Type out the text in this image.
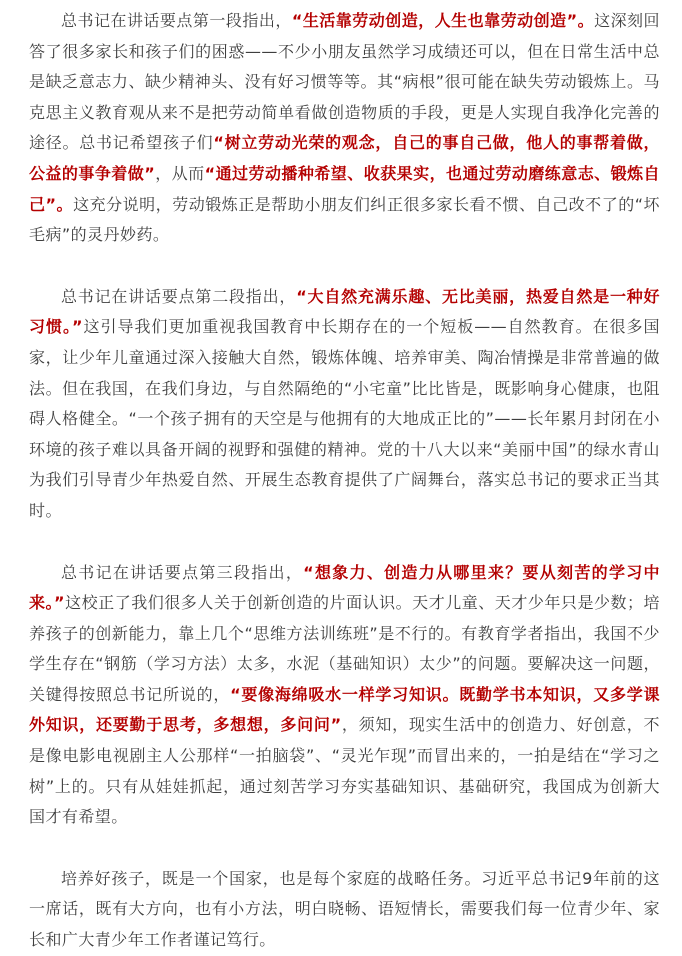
总书记在讲话要点第一段指出，“生活靠劳动创造，人生也靠劳动创造”。这深刻回答了很多家长和孩子们的困惑——不少小朋友虽然学习成绩还可以，但在日常生活中总是缺乏意志力、缺少精神头、没有好习惯等等。其“病根”很可能在缺失劳动锻炼上。马克思主义教育观从来不是把劳动简单看做创造物质的手段，更是人实现自我净化完善的途径。总书记希望孩子们“树立劳动光荣的观念，自己的事自己做，他人的事帮着做，公益的事争着做”，从而“通过劳动播种希望、收获果实，也通过劳动磨练意志、锻炼自己”。这充分说明，劳动锻炼正是帮助小朋友们纠正很多家长看不惯、自己改不了的“坏毛病”的灵丹妙药。

总书记在讲话要点第二段指出，“大自然充满乐趣、无比美丽，热爱自然是一种好习惯。”这引导我们更加重视我国教育中长期存在的一个短板——自然教育。在很多国家，让少年儿童通过深入接触大自然，锻炼体魄、培养审美、陶冶情操是非常普遍的做法。但在我国，在我们身边，与自然隔绝的“小宅童”比比皆是，既影响身心健康，也阻碍人格健全。“一个孩子拥有的天空是与他拥有的大地成正比的”——长年累月封闭在小环境的孩子难以具备开阔的视野和强健的精神。党的十八大以来“美丽中国”的绿水青山为我们引导青少年热爱自然、开展生态教育提供了广阔舞台，落实总书记的要求正当其时。

总书记在讲话要点第三段指出，“想象力、创造力从哪里来？要从刻苦的学习中来。”这校正了我们很多人关于创新创造的片面认识。天才儿童、天才少年只是少数；培养孩子的创新能力，靠上几个“思维方法训练班”是不行的。有教育学者指出，我国不少学生存在“钢筋（学习方法）太多，水泥（基础知识）太少”的问题。要解决这一问题，关键得按照总书记所说的，“要像海绵吸水一样学习知识。既勤学书本知识，又多学课外知识，还要勤于思考，多想想，多问问”，须知，现实生活中的创造力、好创意，不是像电影电视剧主人公那样“一拍脑袋”、“灵光乍现”而冒出来的，一拍是结在“学习之树”上的。只有从娃娃抓起，通过刻苦学习夯实基础知识、基础研究，我国成为创新大国才有希望。

培养好孩子，既是一个国家，也是每个家庭的战略任务。习近平总书记9年前的这一席话，既有大方向，也有小方法，明白晓畅、语短情长，需要我们每一位青少年、家长和广大青少年工作者谨记笃行。
